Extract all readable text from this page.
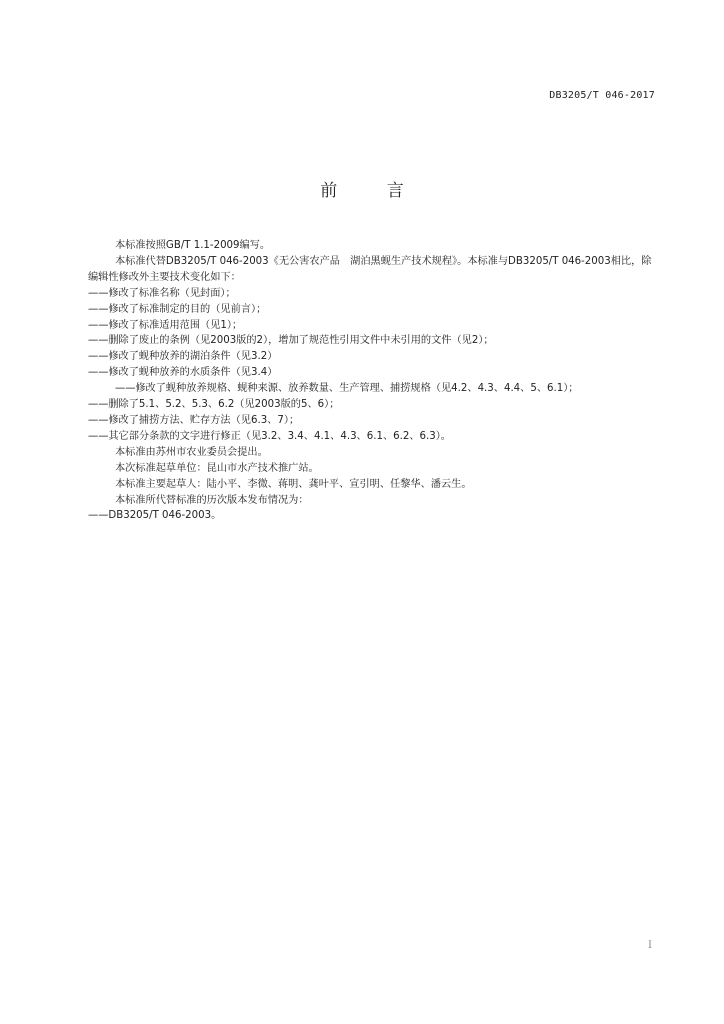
DB3205/T 046-2017
前 言

本标准按照GB/T 1.1-2009编写。

本标准代替DB3205/T 046-2003《无公害农产品　湖泊黑蚬生产技术规程》。本标准与DB3205/T 046-2003相比，除编辑性修改外主要技术变化如下：

——修改了标准名称（见封面）；

——修改了标准制定的目的（见前言）；

——修改了标准适用范围（见1）；

——删除了废止的条例（见2003版的2），增加了规范性引用文件中未引用的文件（见2）；

——修改了蚬种放养的湖泊条件（见3.2）

——修改了蚬种放养的水质条件（见3.4）

——修改了蚬种放养规格、蚬种来源、放养数量、生产管理、捕捞规格（见4.2、4.3、4.4、5、6.1）；

——删除了5.1、5.2、5.3、6.2（见2003版的5、6）；

——修改了捕捞方法、贮存方法（见6.3、7）；

——其它部分条款的文字进行修正（见3.2、3.4、4.1、4.3、6.1、6.2、6.3）。

本标准由苏州市农业委员会提出。

本次标准起草单位：昆山市水产技术推广站。

本标准主要起草人：陆小平、李微、蒋明、龚叶平、宣引明、任黎华、潘云生。

本标准所代替标准的历次版本发布情况为：

——DB3205/T 046-2003。

I
